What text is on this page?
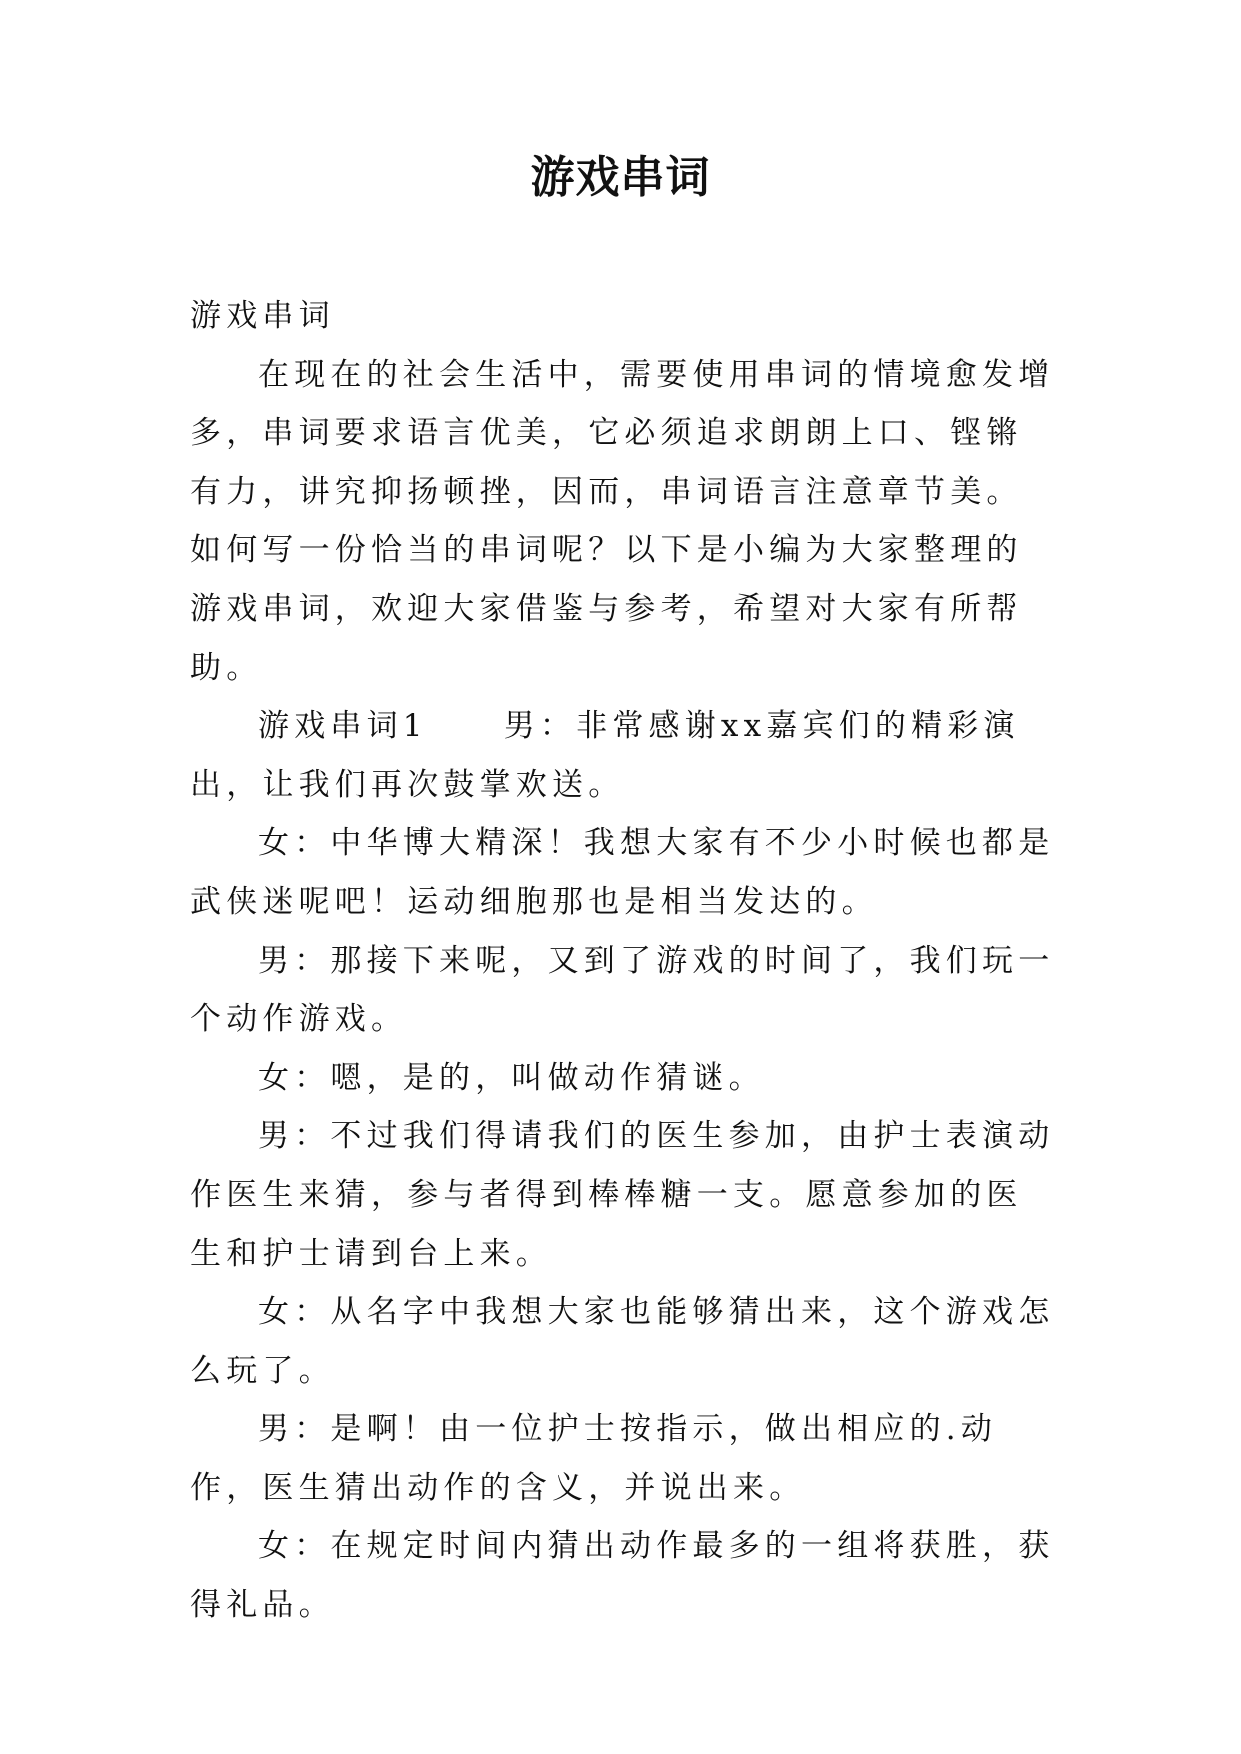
游戏串词

游戏串词

在现在的社会生活中，需要使用串词的情境愈发增多，串词要求语言优美，它必须追求朗朗上口、铿锵有力，讲究抑扬顿挫，因而，串词语言注意章节美。如何写一份恰当的串词呢？以下是小编为大家整理的游戏串词，欢迎大家借鉴与参考，希望对大家有所帮助。

游戏串词1 男：非常感谢xx嘉宾们的精彩演出，让我们再次鼓掌欢送。

女：中华博大精深！我想大家有不少小时候也都是武侠迷呢吧！运动细胞那也是相当发达的。

男：那接下来呢，又到了游戏的时间了，我们玩一个动作游戏。

女：嗯，是的，叫做动作猜谜。

男：不过我们得请我们的医生参加，由护士表演动作医生来猜，参与者得到棒棒糖一支。愿意参加的医生和护士请到台上来。

女：从名字中我想大家也能够猜出来，这个游戏怎么玩了。

男：是啊！由一位护士按指示，做出相应的.动作，医生猜出动作的含义，并说出来。

女：在规定时间内猜出动作最多的一组将获胜，获得礼品。
